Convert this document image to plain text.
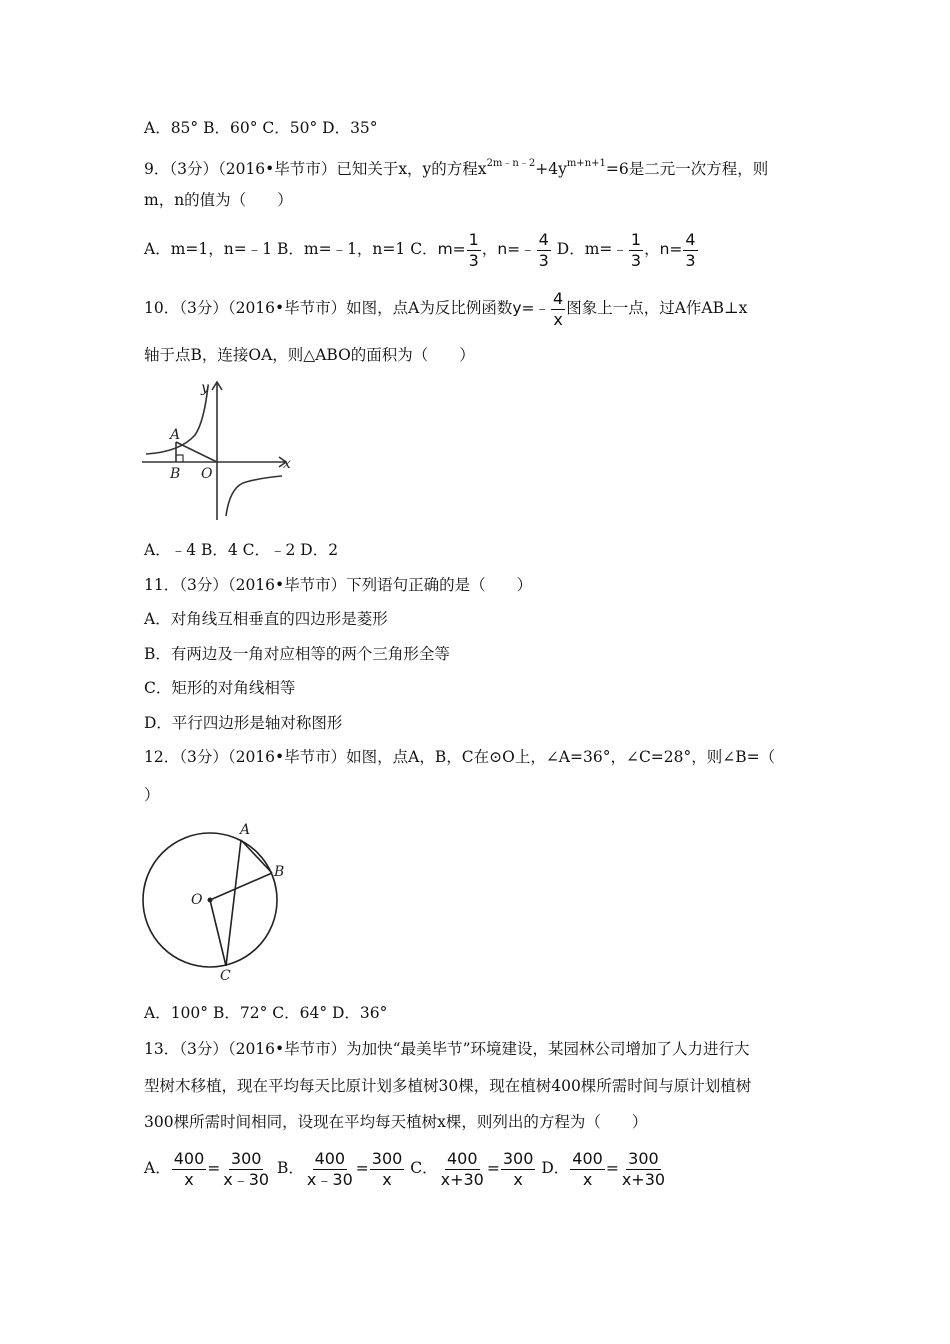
A．85° B．60° C．50° D．35°
9．（3分）（2016•毕节市）已知关于x，y的方程$x^{2m﹣n﹣2}+4y^{m+n+1}=6$是二元一次方程，则
m，n的值为（　　）
A．m=1，n=﹣1 B．m=﹣1，n=1 C．$m= \frac{1}{3}$ ，n=﹣ $\frac{4}{3}$ D．m=﹣ $\frac{1}{3}$ ，$n= \frac{4}{3}$
10．（3分）（2016•毕节市）如图，点A为反比例函数y=﹣ $\frac{4}{x}$ 图象上一点，过A作AB⊥x
轴于点B，连接OA，则△ABO的面积为（　　）
y
x
A
B O
A．﹣4 B．4 C．﹣2 D．2
11．（3分）（2016•毕节市）下列语句正确的是（　　）
A．对角线互相垂直的四边形是菱形
B．有两边及一角对应相等的两个三角形全等
C．矩形的对角线相等
D．平行四边形是轴对称图形
12．（3分）（2016•毕节市）如图，点A，B，C在⊙O上，∠A=36°，∠C=28°，则∠B=（
）
A
B
C
O
A．100° B．72° C．64° D．36°
13．（3分）（2016•毕节市）为加快“最美毕节”环境建设，某园林公司增加了人力进行大
型树木移植，现在平均每天比原计划多植树30棵，现在植树400棵所需时间与原计划植树
300棵所需时间相同，设现在平均每天植树x棵，则列出的方程为（　　）
A． $\frac{400}{x} = \frac{300}{x﹣30}$ B． $\frac{400}{x﹣30} = \frac{300}{x}$ C． $\frac{400}{x+30} = \frac{300}{x}$ D． $\frac{400}{x} = \frac{300}{x+30}$
